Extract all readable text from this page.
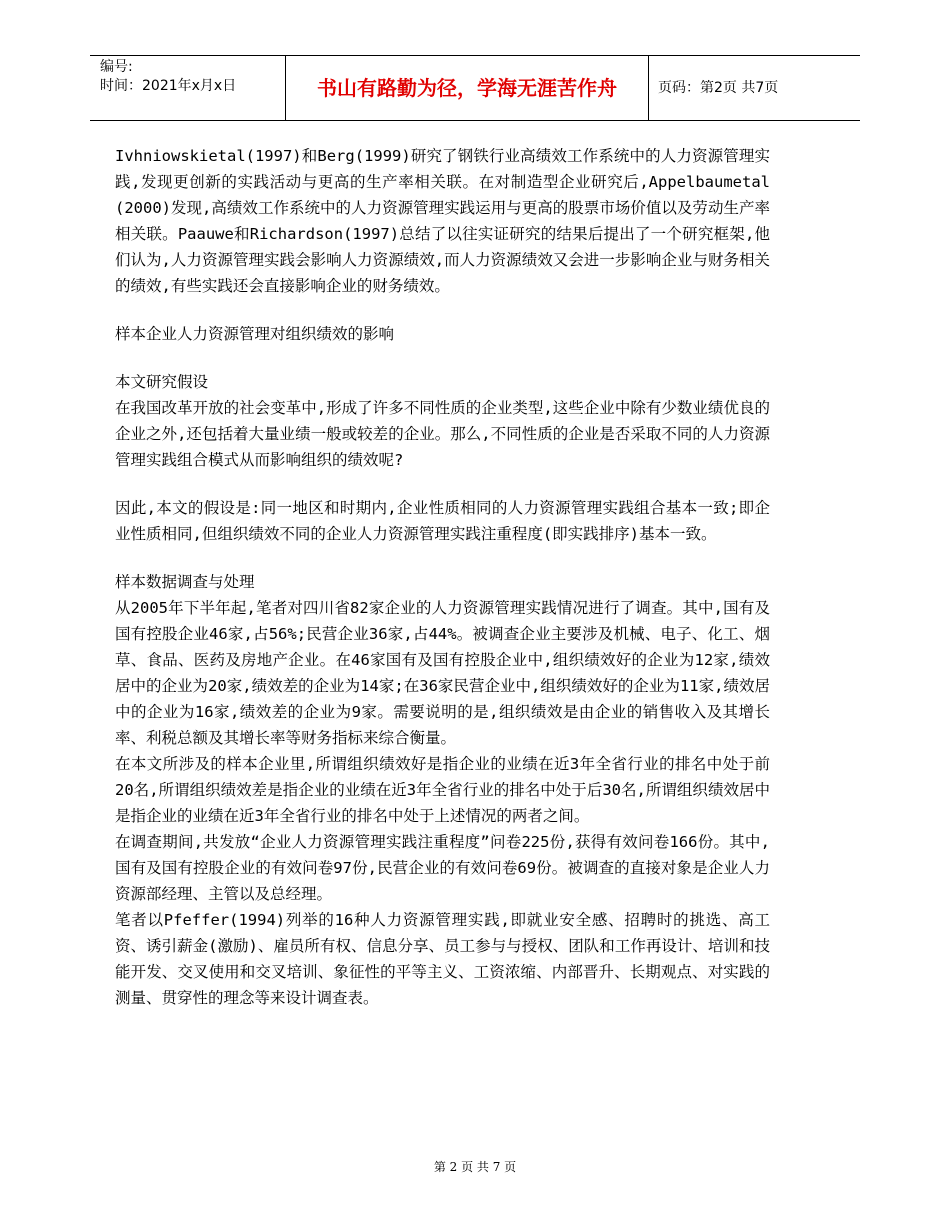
编号:
时间：2021年x月x日	书山有路勤为径，学海无涯苦作舟	页码：第2页 共7页

Ivhniowskietal(1997)和Berg(1999)研究了钢铁行业高绩效工作系统中的人力资源管理实践,发现更创新的实践活动与更高的生产率相关联。在对制造型企业研究后,Appelbaumetal (2000)发现,高绩效工作系统中的人力资源管理实践运用与更高的股票市场价值以及劳动生产率相关联。Paauwe和Richardson(1997)总结了以往实证研究的结果后提出了一个研究框架,他们认为,人力资源管理实践会影响人力资源绩效,而人力资源绩效又会进一步影响企业与财务相关的绩效,有些实践还会直接影响企业的财务绩效。

样本企业人力资源管理对组织绩效的影响

本文研究假设

在我国改革开放的社会变革中,形成了许多不同性质的企业类型,这些企业中除有少数业绩优良的企业之外,还包括着大量业绩一般或较差的企业。那么,不同性质的企业是否采取不同的人力资源管理实践组合模式从而影响组织的绩效呢?

因此,本文的假设是:同一地区和时期内,企业性质相同的人力资源管理实践组合基本一致;即企业性质相同,但组织绩效不同的企业人力资源管理实践注重程度(即实践排序)基本一致。

样本数据调查与处理

从2005年下半年起,笔者对四川省82家企业的人力资源管理实践情况进行了调查。其中,国有及国有控股企业46家,占56%;民营企业36家,占44%。被调查企业主要涉及机械、电子、化工、烟草、食品、医药及房地产企业。在46家国有及国有控股企业中,组织绩效好的企业为12家,绩效居中的企业为20家,绩效差的企业为14家;在36家民营企业中,组织绩效好的企业为11家,绩效居中的企业为16家,绩效差的企业为9家。需要说明的是,组织绩效是由企业的销售收入及其增长率、利税总额及其增长率等财务指标来综合衡量。

在本文所涉及的样本企业里,所谓组织绩效好是指企业的业绩在近3年全省行业的排名中处于前20名,所谓组织绩效差是指企业的业绩在近3年全省行业的排名中处于后30名,所谓组织绩效居中是指企业的业绩在近3年全省行业的排名中处于上述情况的两者之间。

在调查期间,共发放“企业人力资源管理实践注重程度”问卷225份,获得有效问卷166份。其中,国有及国有控股企业的有效问卷97份,民营企业的有效问卷69份。被调查的直接对象是企业人力资源部经理、主管以及总经理。

笔者以Pfeffer(1994)列举的16种人力资源管理实践,即就业安全感、招聘时的挑选、高工资、诱引薪金(激励)、雇员所有权、信息分享、员工参与与授权、团队和工作再设计、培训和技能开发、交叉使用和交叉培训、象征性的平等主义、工资浓缩、内部晋升、长期观点、对实践的测量、贯穿性的理念等来设计调查表。

第 2 页 共 7 页
